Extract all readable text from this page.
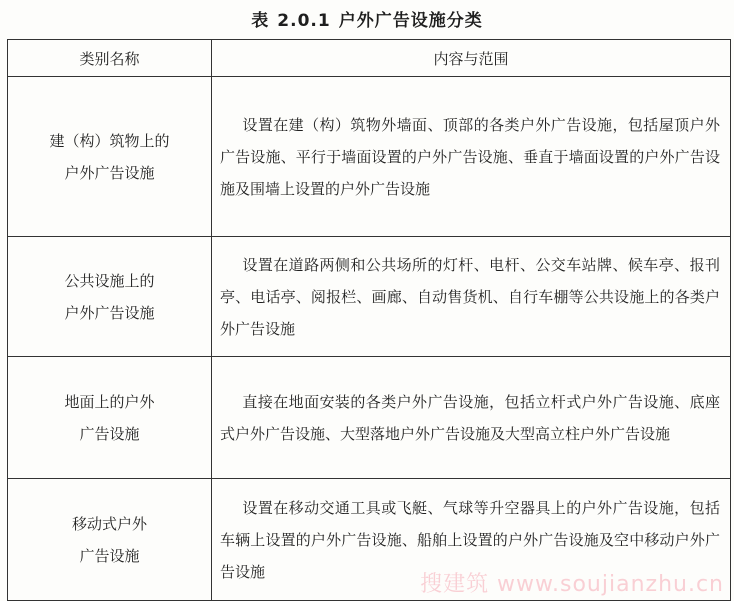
表 2.0.1 户外广告设施分类
类别名称	内容与范围
建（构）筑物上的
户外广告设施	设置在建（构）筑物外墙面、顶部的各类户外广告设施，包括屋顶户外广告设施、平行于墙面设置的户外广告设施、垂直于墙面设置的户外广告设施及围墙上设置的户外广告设施
公共设施上的
户外广告设施	设置在道路两侧和公共场所的灯杆、电杆、公交车站牌、候车亭、报刊亭、电话亭、阅报栏、画廊、自动售货机、自行车棚等公共设施上的各类户外广告设施
地面上的户外
广告设施	直接在地面安装的各类户外广告设施，包括立杆式户外广告设施、底座式户外广告设施、大型落地户外广告设施及大型高立柱户外广告设施
移动式户外
广告设施	设置在移动交通工具或飞艇、气球等升空器具上的户外广告设施，包括车辆上设置的户外广告设施、船舶上设置的户外广告设施及空中移动户外广告设施
搜建筑 www.soujianzhu.cn
